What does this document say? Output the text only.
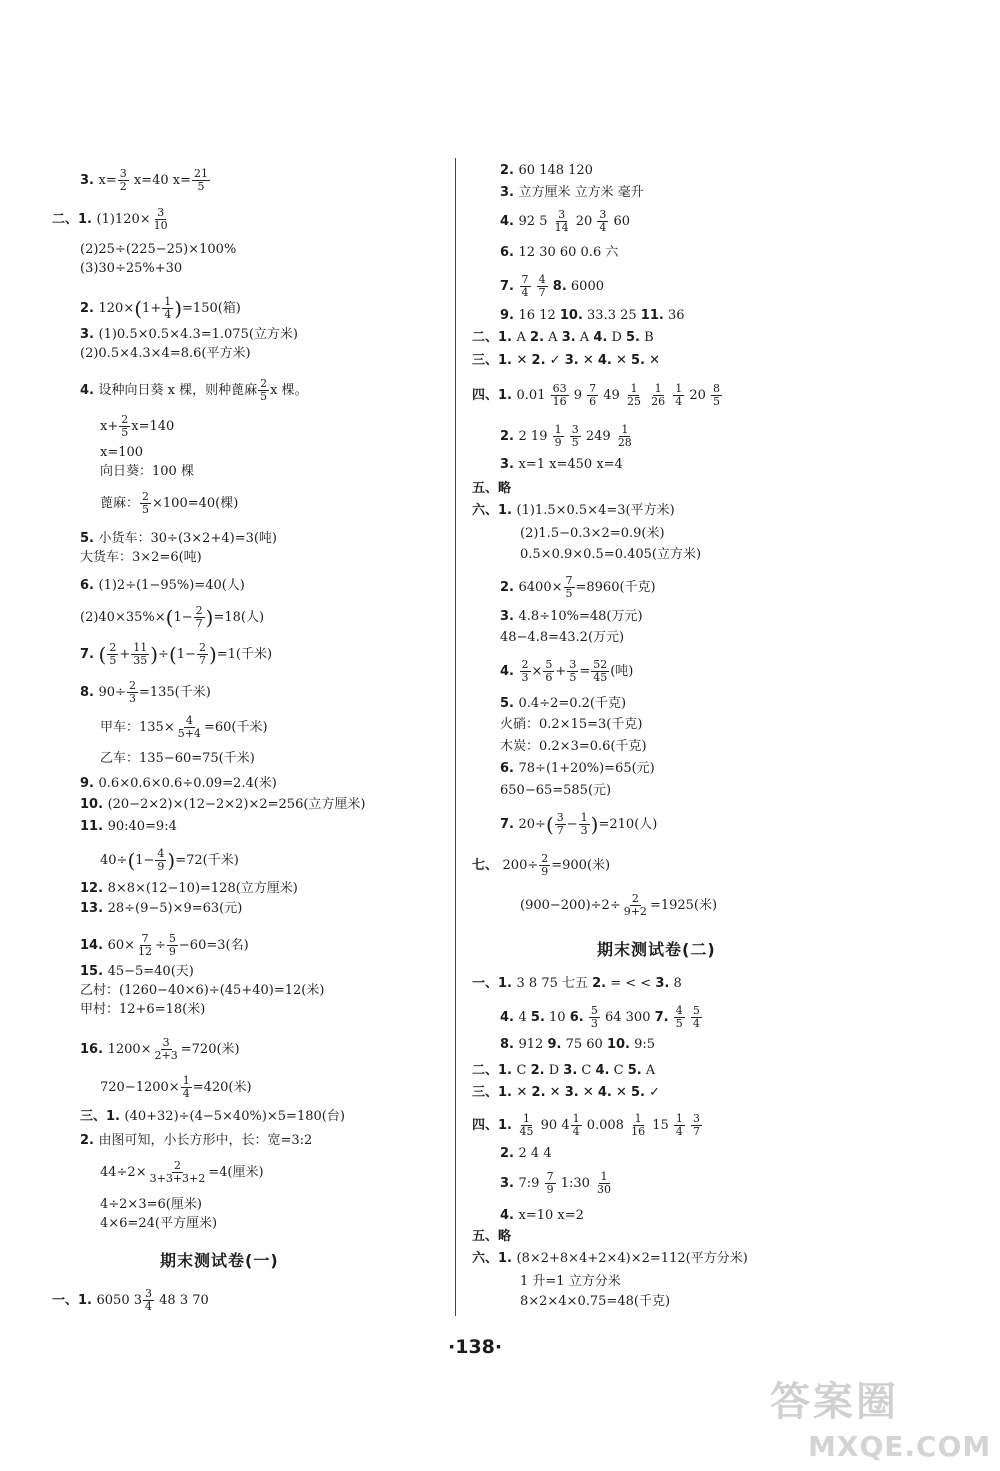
3. $x= \frac{3}{2} x=40$ $x= \frac{21}{5}$
二、1. $(1)120\times \frac{3}{10}$
(2)25÷(225−25)×100%
(3)30÷25%+30
2. $120\times(1+ \frac{1}{4} )=150$(箱)
3. (1)0.5×0.5×4.3=1.075(立方米)
(2)0.5×4.3×4=8.6(平方米)
4. 设种向日葵 x 棵，则种蓖麻 $\frac{2}{5}$ x 棵。
$x+ \frac{2}{5} x=140$
x=100
向日葵：100 棵
蓖麻： $\frac{2}{5} \times 100=40$(棵)
5. 小货车：30÷(3×2+4)=3(吨)
大货车：3×2=6(吨)
6. (1)2÷(1−95%)=40(人)
$(2)40\times 35\%\times(1- \frac{2}{7} )=18$(人)
7. ( $\frac{2}{5} + \frac{11}{35} )\div(1- \frac{2}{7} )=1$(千米)
8. $90\div \frac{2}{3} =135$(千米)
甲车：$135\times \frac{4}{5+4} =60$(千米)
乙车：135−60=75(千米)
9. 0.6×0.6×0.6÷0.09=2.4(米)
10. (20−2×2)×(12−2×2)×2=256(立方厘米)
11. 90:40=9:4
$40\div(1- \frac{4}{9} )=72$(千米)
12. 8×8×(12−10)=128(立方厘米)
13. 28÷(9−5)×9=63(元)
14. $60\times \frac{7}{12} \div \frac{5}{9} -60=3$(名)
15. 45−5=40(天)
乙村：(1260−40×6)÷(45+40)=12(米)
甲村：12+6=18(米)
16. $1200\times \frac{3}{2+3} =720$(米)
$720-1200\times \frac{1}{4} =420$(米)
三、1. (40+32)÷(4−5×40%)×5=180(台)
2. 由图可知，小长方形中，长：宽=3:2
$44\div 2\times \frac{2}{3+3+3+2} =4$(厘米)
4÷2×3=6(厘米)
4×6=24(平方厘米)
一、1. 6050 $3 \frac{3}{4} 48$ 3 70
期末测试卷(一)
2. 60 148 120
3. 立方厘米 立方米 毫升
4. 92 $5 \frac{3}{14} 20 \frac{3}{4} 60$
6. 12 30 60 0.6 六
7. $\frac{7}{4}$
$\frac{4}{7} 8$. 6000
9. 16 12 10. 33.3 25 11. 36
二、1. A 2. A 3. A 4. D 5. B
三、1. ✕ 2. ✓ 3. ✕ 4. ✕ 5. ✕
四、1. $0.01 \frac{63}{16} 9 \frac{7}{6} 49 \frac{1}{25}$
$\frac{1}{26}$
$\frac{1}{4} 20 \frac{8}{5}$
2. 2 $19 \frac{1}{9}$
$\frac{3}{5} 249 \frac{1}{28}$
3. x=1 x=450 x=4
五、略
六、1. (1)1.5×0.5×4=3(平方米)
(2)1.5−0.3×2=0.9(米)
0.5×0.9×0.5=0.405(立方米)
2. $6400\times \frac{7}{5} =8960$(千克)
3. 4.8÷10%=48(万元)
48−4.8=43.2(万元)
4. $\frac{2}{3} \times \frac{5}{6} + \frac{3}{5} = \frac{52}{45}$ (吨)
5. 0.4÷2=0.2(千克)
火硝：0.2×15=3(千克)
木炭：0.2×3=0.6(千克)
6. 78÷(1+20%)=65(元)
650−65=585(元)
7. $20\div( \frac{3}{7} - \frac{1}{3} )=210$(人)
七、 $200\div \frac{2}{9} =900$(米)
$(900-200)\div 2\div \frac{2}{9+2} =1925$(米)
一、1. 3 8 75 七五 2. = < < 3. 8
4. 4 5. 10 6. $\frac{5}{3} 64$ 300 7. $\frac{4}{5}$
$\frac{5}{4}$
8. 912 9. 75 60 10. 9:5
二、1. C 2. D 3. C 4. C 5. A
三、1. ✕ 2. ✕ 3. ✕ 4. ✕ 5. ✓
四、1. $\frac{1}{45} 90$ $4 \frac{1}{4} 0.008 \frac{1}{16} 15 \frac{1}{4}$
$\frac{3}{7}$
2. 2 4 4
3. 7:9 $\frac{7}{9}$ 1:30 $\frac{1}{30}$
4. x=10 x=2
五、略
六、1. (8×2+8×4+2×4)×2=112(平方分米)
1 升=1 立方分米
8×2×4×0.75=48(千克)
期末测试卷(二)
·138·
答案圈
MXQE.COM
